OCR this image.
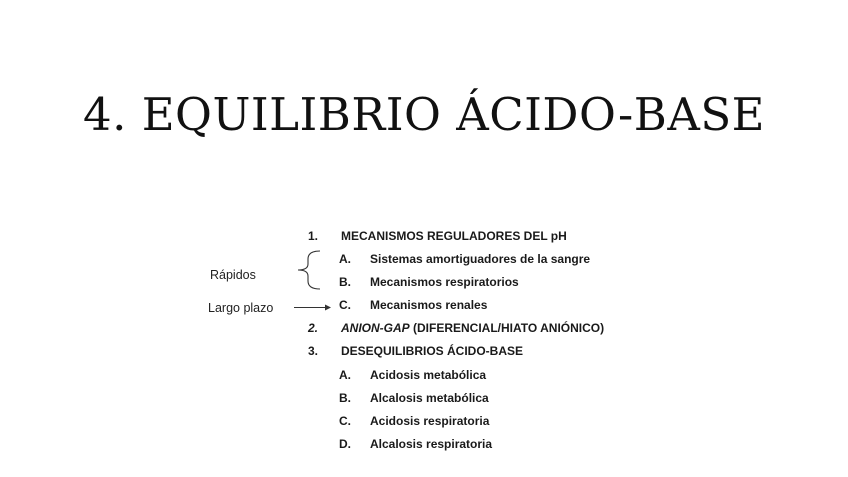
4. EQUILIBRIO ÁCIDO-BASE
1. MECANISMOS REGULADORES DEL pH
A. Sistemas amortiguadores de la sangre
B. Mecanismos respiratorios
C. Mecanismos renales
2. ANION-GAP (DIFERENCIAL/HIATO ANIÓNICO)
3. DESEQUILIBRIOS ÁCIDO-BASE
A. Acidosis metabólica
B. Alcalosis metabólica
C. Acidosis respiratoria
D. Alcalosis respiratoria
Rápidos
Largo plazo
